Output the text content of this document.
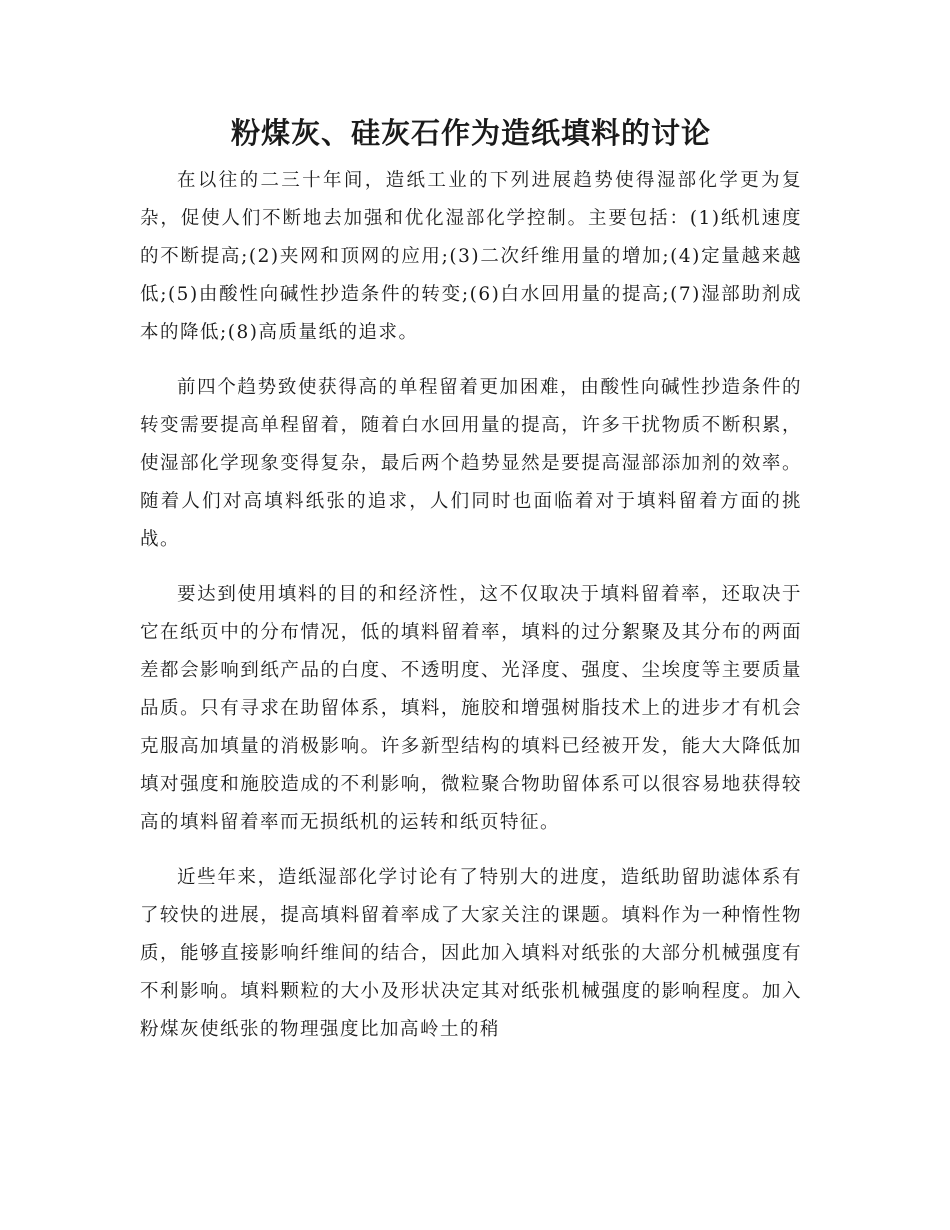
粉煤灰、硅灰石作为造纸填料的讨论

在以往的二三十年间，造纸工业的下列进展趋势使得湿部化学更为复杂，促使人们不断地去加强和优化湿部化学控制。主要包括：(1)纸机速度的不断提高;(2)夹网和顶网的应用;(3)二次纤维用量的增加;(4)定量越来越低;(5)由酸性向碱性抄造条件的转变;(6)白水回用量的提高;(7)湿部助剂成本的降低;(8)高质量纸的追求。

前四个趋势致使获得高的单程留着更加困难，由酸性向碱性抄造条件的转变需要提高单程留着，随着白水回用量的提高，许多干扰物质不断积累，使湿部化学现象变得复杂，最后两个趋势显然是要提高湿部添加剂的效率。随着人们对高填料纸张的追求，人们同时也面临着对于填料留着方面的挑战。

要达到使用填料的目的和经济性，这不仅取决于填料留着率，还取决于它在纸页中的分布情况，低的填料留着率，填料的过分絮聚及其分布的两面差都会影响到纸产品的白度、不透明度、光泽度、强度、尘埃度等主要质量品质。只有寻求在助留体系，填料，施胶和增强树脂技术上的进步才有机会克服高加填量的消极影响。许多新型结构的填料已经被开发，能大大降低加填对强度和施胶造成的不利影响，微粒聚合物助留体系可以很容易地获得较高的填料留着率而无损纸机的运转和纸页特征。

近些年来，造纸湿部化学讨论有了特别大的进度，造纸助留助滤体系有了较快的进展，提高填料留着率成了大家关注的课题。填料作为一种惰性物质，能够直接影响纤维间的结合，因此加入填料对纸张的大部分机械强度有不利影响。填料颗粒的大小及形状决定其对纸张机械强度的影响程度。加入粉煤灰使纸张的物理强度比加高岭土的稍
